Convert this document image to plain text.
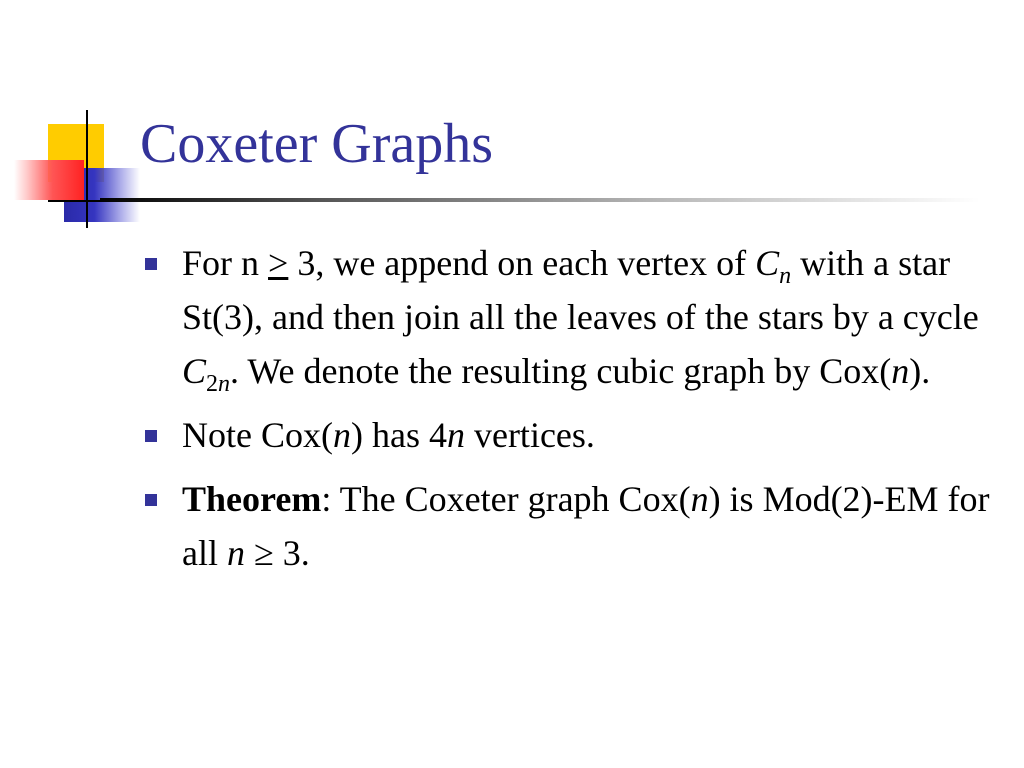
Coxeter Graphs
For n ≥ 3, we append on each vertex of $C_n$ with a star St(3), and then join all the leaves of the stars by a cycle $C_{2n}$. We denote the resulting cubic graph by Cox(n).
Note Cox(n) has 4n vertices.
Theorem: The Coxeter graph Cox(n) is Mod(2)-EM for all n ≥ 3.
